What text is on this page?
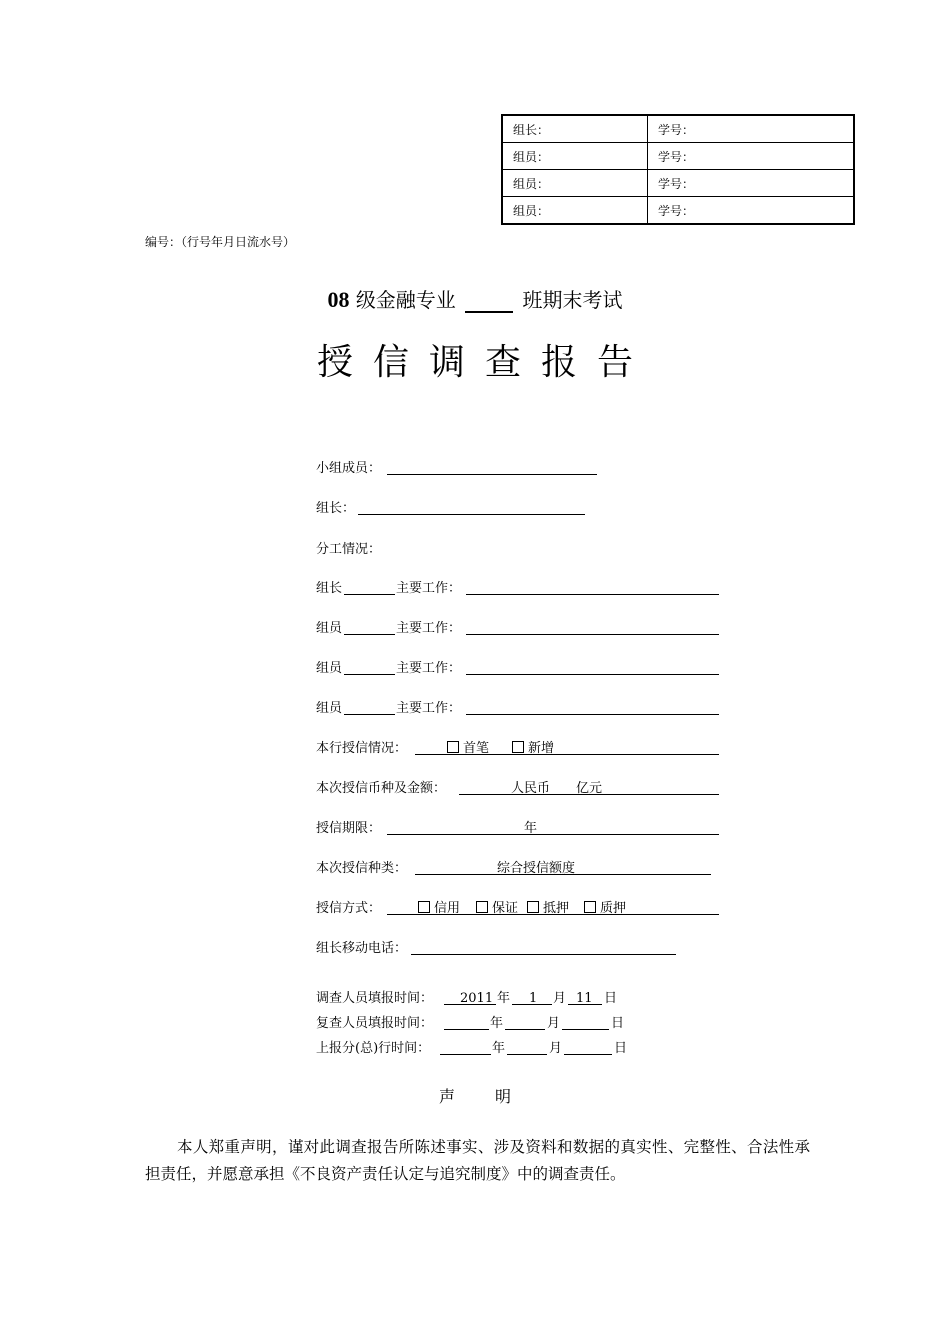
组长：	学号：
组员：	学号：
组员：	学号：
组员：	学号：
编号：（行号年月日流水号）
08 级金融专业	班期末考试
授信调查报告
小组成员：
组长：
分工情况：
组长	主要工作：
组员	主要工作：
组员	主要工作：
组员	主要工作：
本行授信情况：	首笔	新增
本次授信币种及金额：	人民币 亿元
授信期限：	年
本次授信种类：	综合授信额度
授信方式：	信用	保证	抵押	质押
组长移动电话：
调查人员填报时间： 2011 年 1 月 11 日
复查人员填报时间：	年	月	日
上报分(总)行时间：	年	月	日
声明
本人郑重声明，谨对此调查报告所陈述事实、涉及资料和数据的真实性、完整性、合法性承担责任，并愿意承担《不良资产责任认定与追究制度》中的调查责任。
